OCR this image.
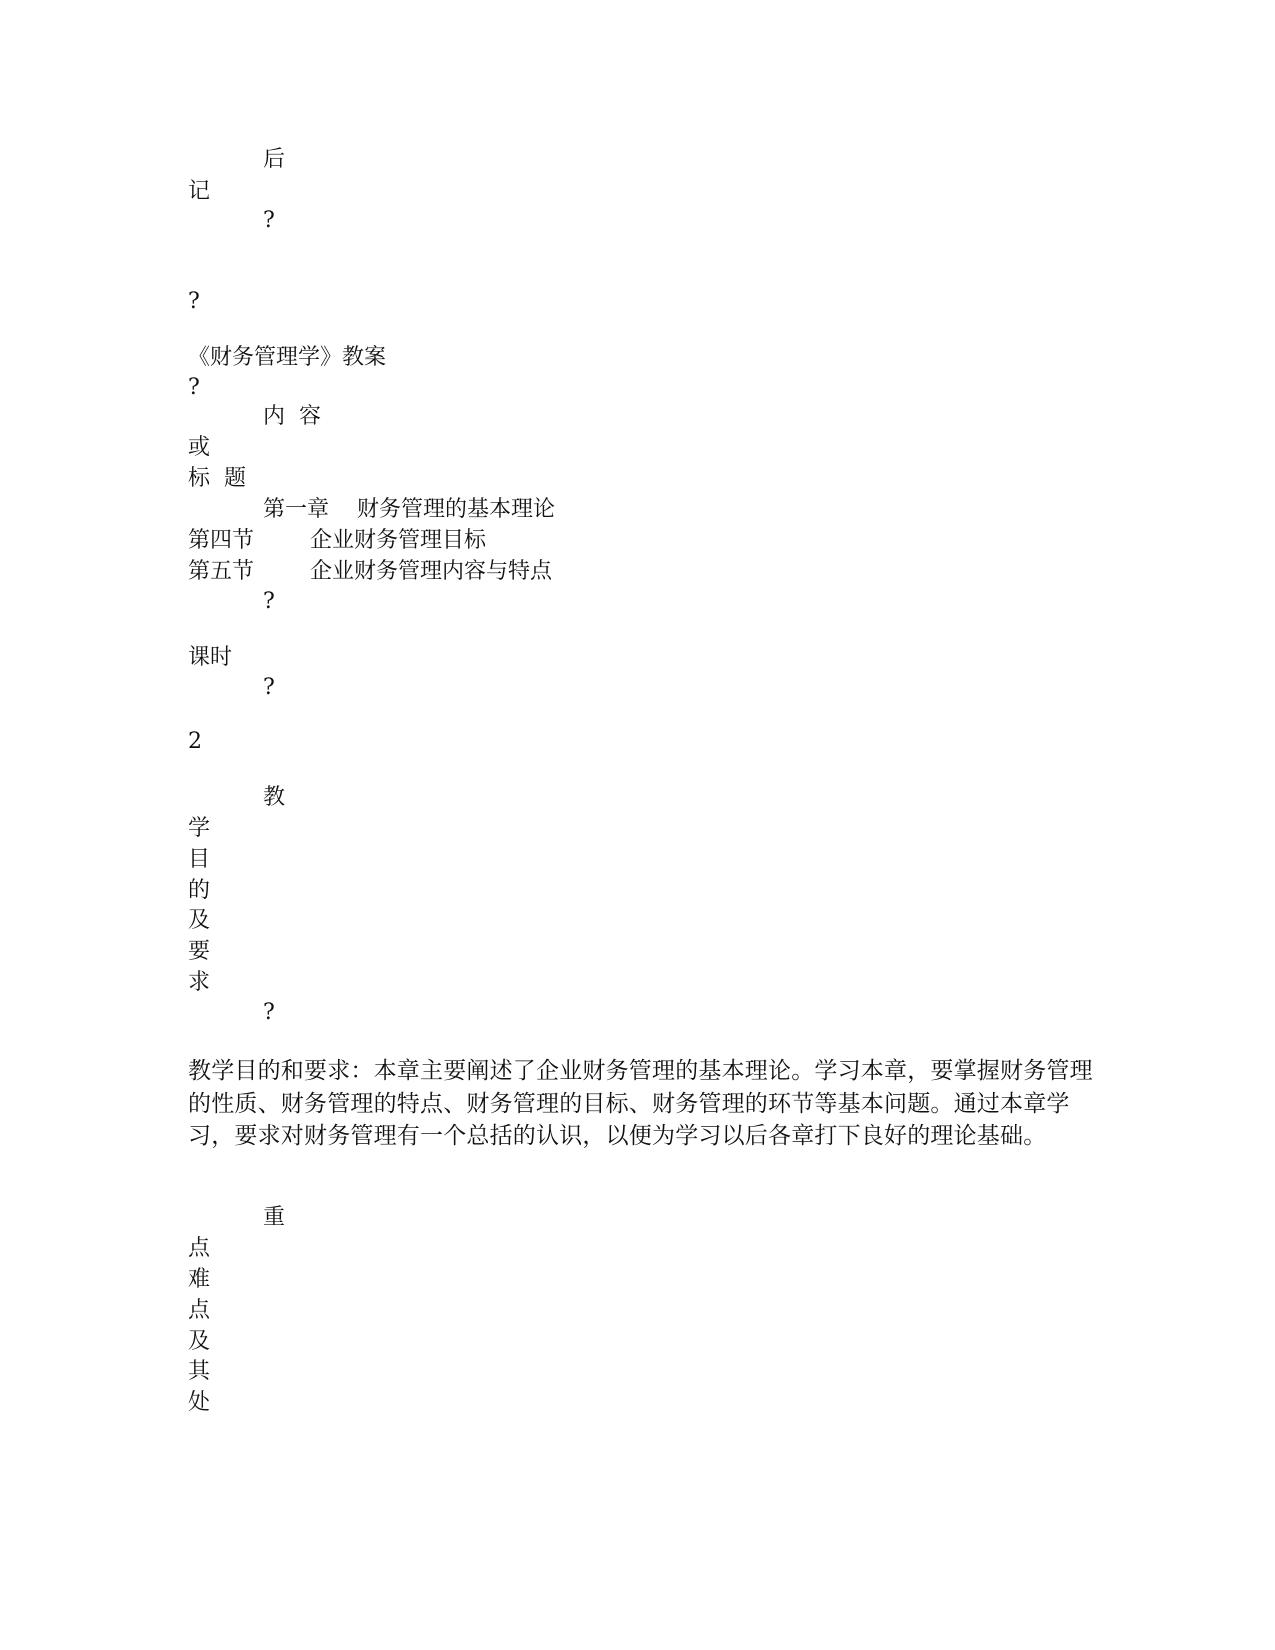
后

记

?

?

《财务管理学》教案

?

内  容

或

标  题

第一章    财务管理的基本理论

第四节        企业财务管理目标

第五节        企业财务管理内容与特点

?

课时

?

2

教

学

目

的

及

要

求

?

教学目的和要求：本章主要阐述了企业财务管理的基本理论。学习本章，要掌握财务管理的性质、财务管理的特点、财务管理的目标、财务管理的环节等基本问题。通过本章学习，要求对财务管理有一个总括的认识，以便为学习以后各章打下良好的理论基础。

重

点

难

点

及

其

处
